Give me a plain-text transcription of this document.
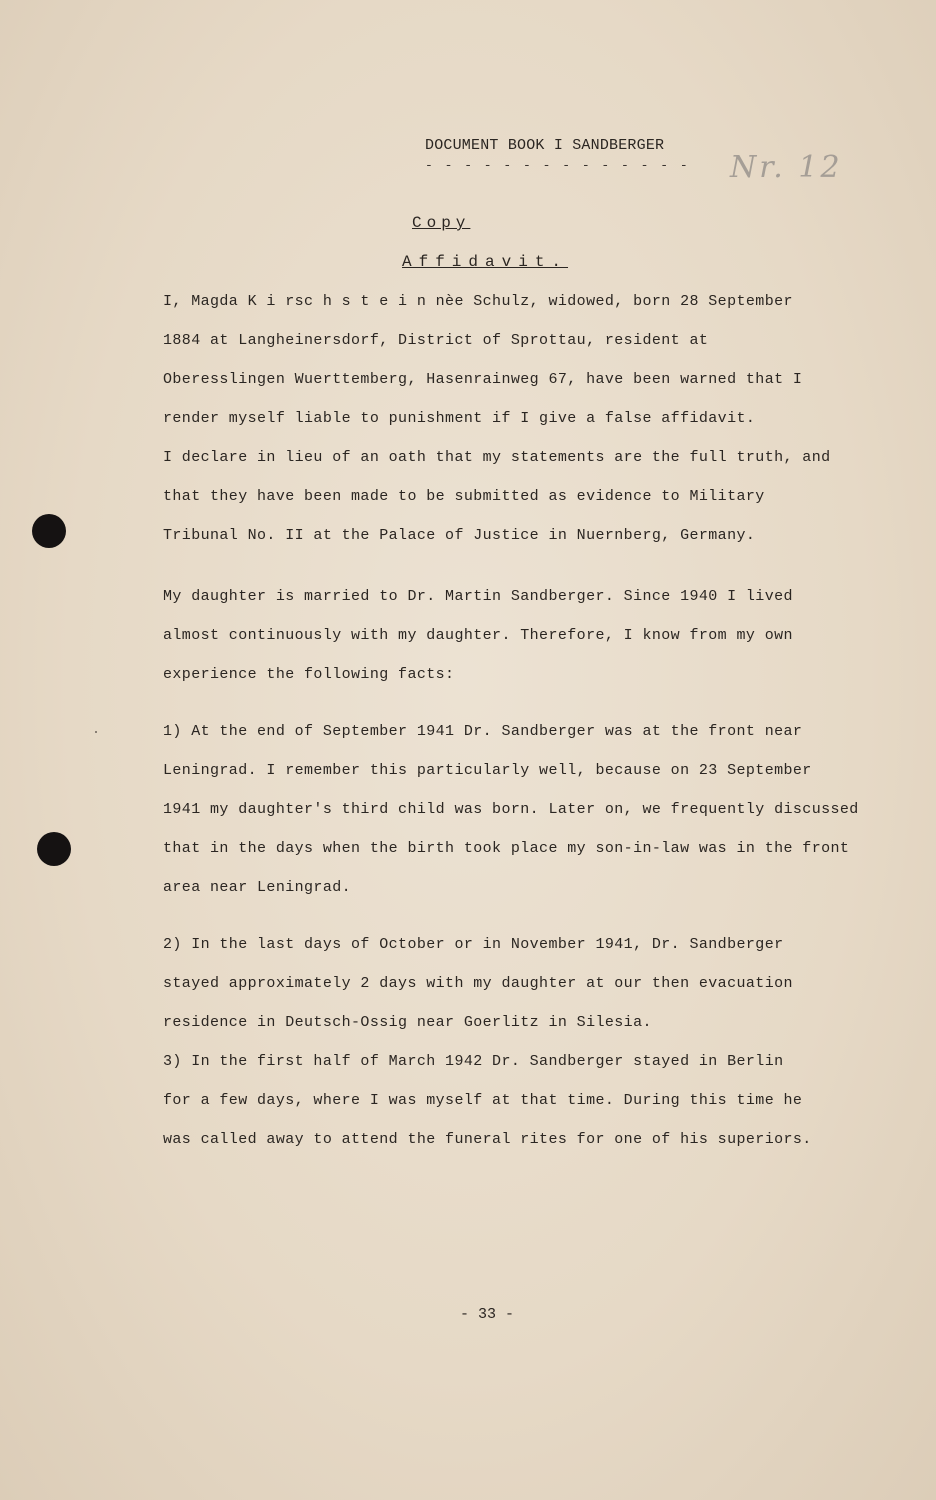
DOCUMENT BOOK I SANDBERGER
- - - - - - - - - - - - - - Nr. 12
Copy
Affidavit.
I, Magda K i rsc h s t e i n nèe Schulz, widowed, born 28 September
1884 at Langheinersdorf, District of Sprottau, resident at
Oberesslingen Wuerttemberg, Hasenrainweg 67, have been warned that I
render myself liable to punishment if I give a false affidavit.
I declare in lieu of an oath that my statements are the full truth, and
that they have been made to be submitted as evidence to Military
Tribunal No. II at the Palace of Justice in Nuernberg, Germany.
My daughter is married to Dr. Martin Sandberger. Since 1940 I lived
almost continuously with my daughter. Therefore, I know from my own
experience the following facts:
1) At the end of September 1941 Dr. Sandberger was at the front near
Leningrad. I remember this particularly well, because on 23 September
1941 my daughter's third child was born. Later on, we frequently discussed
that in the days when the birth took place my son-in-law was in the front
area near Leningrad.
2) In the last days of October or in November 1941, Dr. Sandberger
stayed approximately 2 days with my daughter at our then evacuation
residence in Deutsch-Ossig near Goerlitz in Silesia.
3) In the first half of March 1942 Dr. Sandberger stayed in Berlin
for a few days, where I was myself at that time. During this time he
was called away to attend the funeral rites for one of his superiors.
- 33 -
